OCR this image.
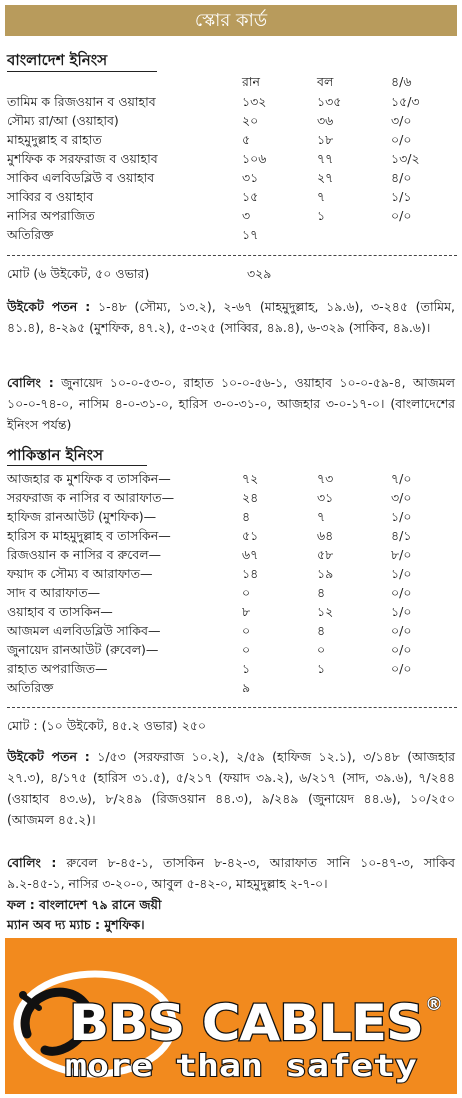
স্কোর কার্ড
বাংলাদেশ ইনিংস
রান	বল	৪/৬
তামিম ক রিজওয়ান ব ওয়াহাব	১৩২	১৩৫	১৫/৩
সৌম্য রা/আ (ওয়াহাব)	২০	৩৬	৩/০
মাহমুদুল্লাহ ব রাহাত	৫	১৮	০/০
মুশফিক ক সরফরাজ ব ওয়াহাব	১০৬	৭৭	১৩/২
সাকিব এলবিডব্লিউ ব ওয়াহাব	৩১	২৭	৪/০
সাব্বির ব ওয়াহাব	১৫	৭	১/১
নাসির অপরাজিত	৩	১	০/০
অতিরিক্ত	১৭
মোট (৬ উইকেট, ৫০ ওভার)	৩২৯
উইকেট পতন : ১-৪৮ (সৌম্য, ১৩.২), ২-৬৭ (মাহমুদুল্লাহ, ১৯.৬), ৩-২৪৫ (তামিম, ৪১.৪), ৪-২৯৫ (মুশফিক, ৪৭.২), ৫-৩২৫ (সাব্বির, ৪৯.৪), ৬-৩২৯ (সাকিব, ৪৯.৬)।
বোলিং : জুনায়েদ ১০-০-৫৩-০, রাহাত ১০-০-৫৬-১, ওয়াহাব ১০-০-৫৯-৪, আজমল ১০-০-৭৪-০, নাসিম ৪-০-৩১-০, হারিস ৩-০-৩১-০, আজহার ৩-০-১৭-০। (বাংলাদেশের ইনিংস পর্যন্ত)
পাকিস্তান ইনিংস
আজহার ক মুশফিক ব তাসকিন—	৭২	৭৩	৭/০
সরফরাজ ক নাসির ব আরাফাত—	২৪	৩১	৩/০
হাফিজ রানআউট (মুশফিক)—	৪	৭	১/০
হারিস ক মাহমুদুল্লাহ ব তাসকিন—	৫১	৬৪	৪/১
রিজওয়ান ক নাসির ব রুবেল—	৬৭	৫৮	৮/০
ফয়াদ ক সৌম্য ব আরাফাত—	১৪	১৯	১/০
সাদ ব আরাফাত—	০	৪	০/০
ওয়াহাব ব তাসকিন—	৮	১২	১/০
আজমল এলবিডব্লিউ সাকিব—	০	৪	০/০
জুনায়েদ রানআউট (রুবেল)—	০	০	০/০
রাহাত অপরাজিত—	১	১	০/০
অতিরিক্ত	৯
মোট : (১০ উইকেট, ৪৫.২ ওভার) ২৫০
উইকেট পতন : ১/৫৩ (সরফরাজ ১০.২), ২/৫৯ (হাফিজ ১২.১), ৩/১৪৮ (আজহার ২৭.৩), ৪/১৭৫ (হারিস ৩১.৫), ৫/২১৭ (ফয়াদ ৩৯.২), ৬/২১৭ (সাদ, ৩৯.৬), ৭/২৪৪ (ওয়াহাব ৪৩.৬), ৮/২৪৯ (রিজওয়ান ৪৪.৩), ৯/২৪৯ (জুনায়েদ ৪৪.৬), ১০/২৫০ (আজমল ৪৫.২)।
বোলিং : রুবেল ৮-৪৫-১, তাসকিন ৮-৪২-৩, আরাফাত সানি ১০-৪৭-৩, সাকিব ৯.২-৪৫-১, নাসির ৩-২০-০, আবুল ৫-৪২-০, মাহমুদুল্লাহ ২-৭-০।
ফল : বাংলাদেশ ৭৯ রানে জয়ী
ম্যান অব দ্য ম্যাচ : মুশফিক।
BBS CABLES ®
more than safety
